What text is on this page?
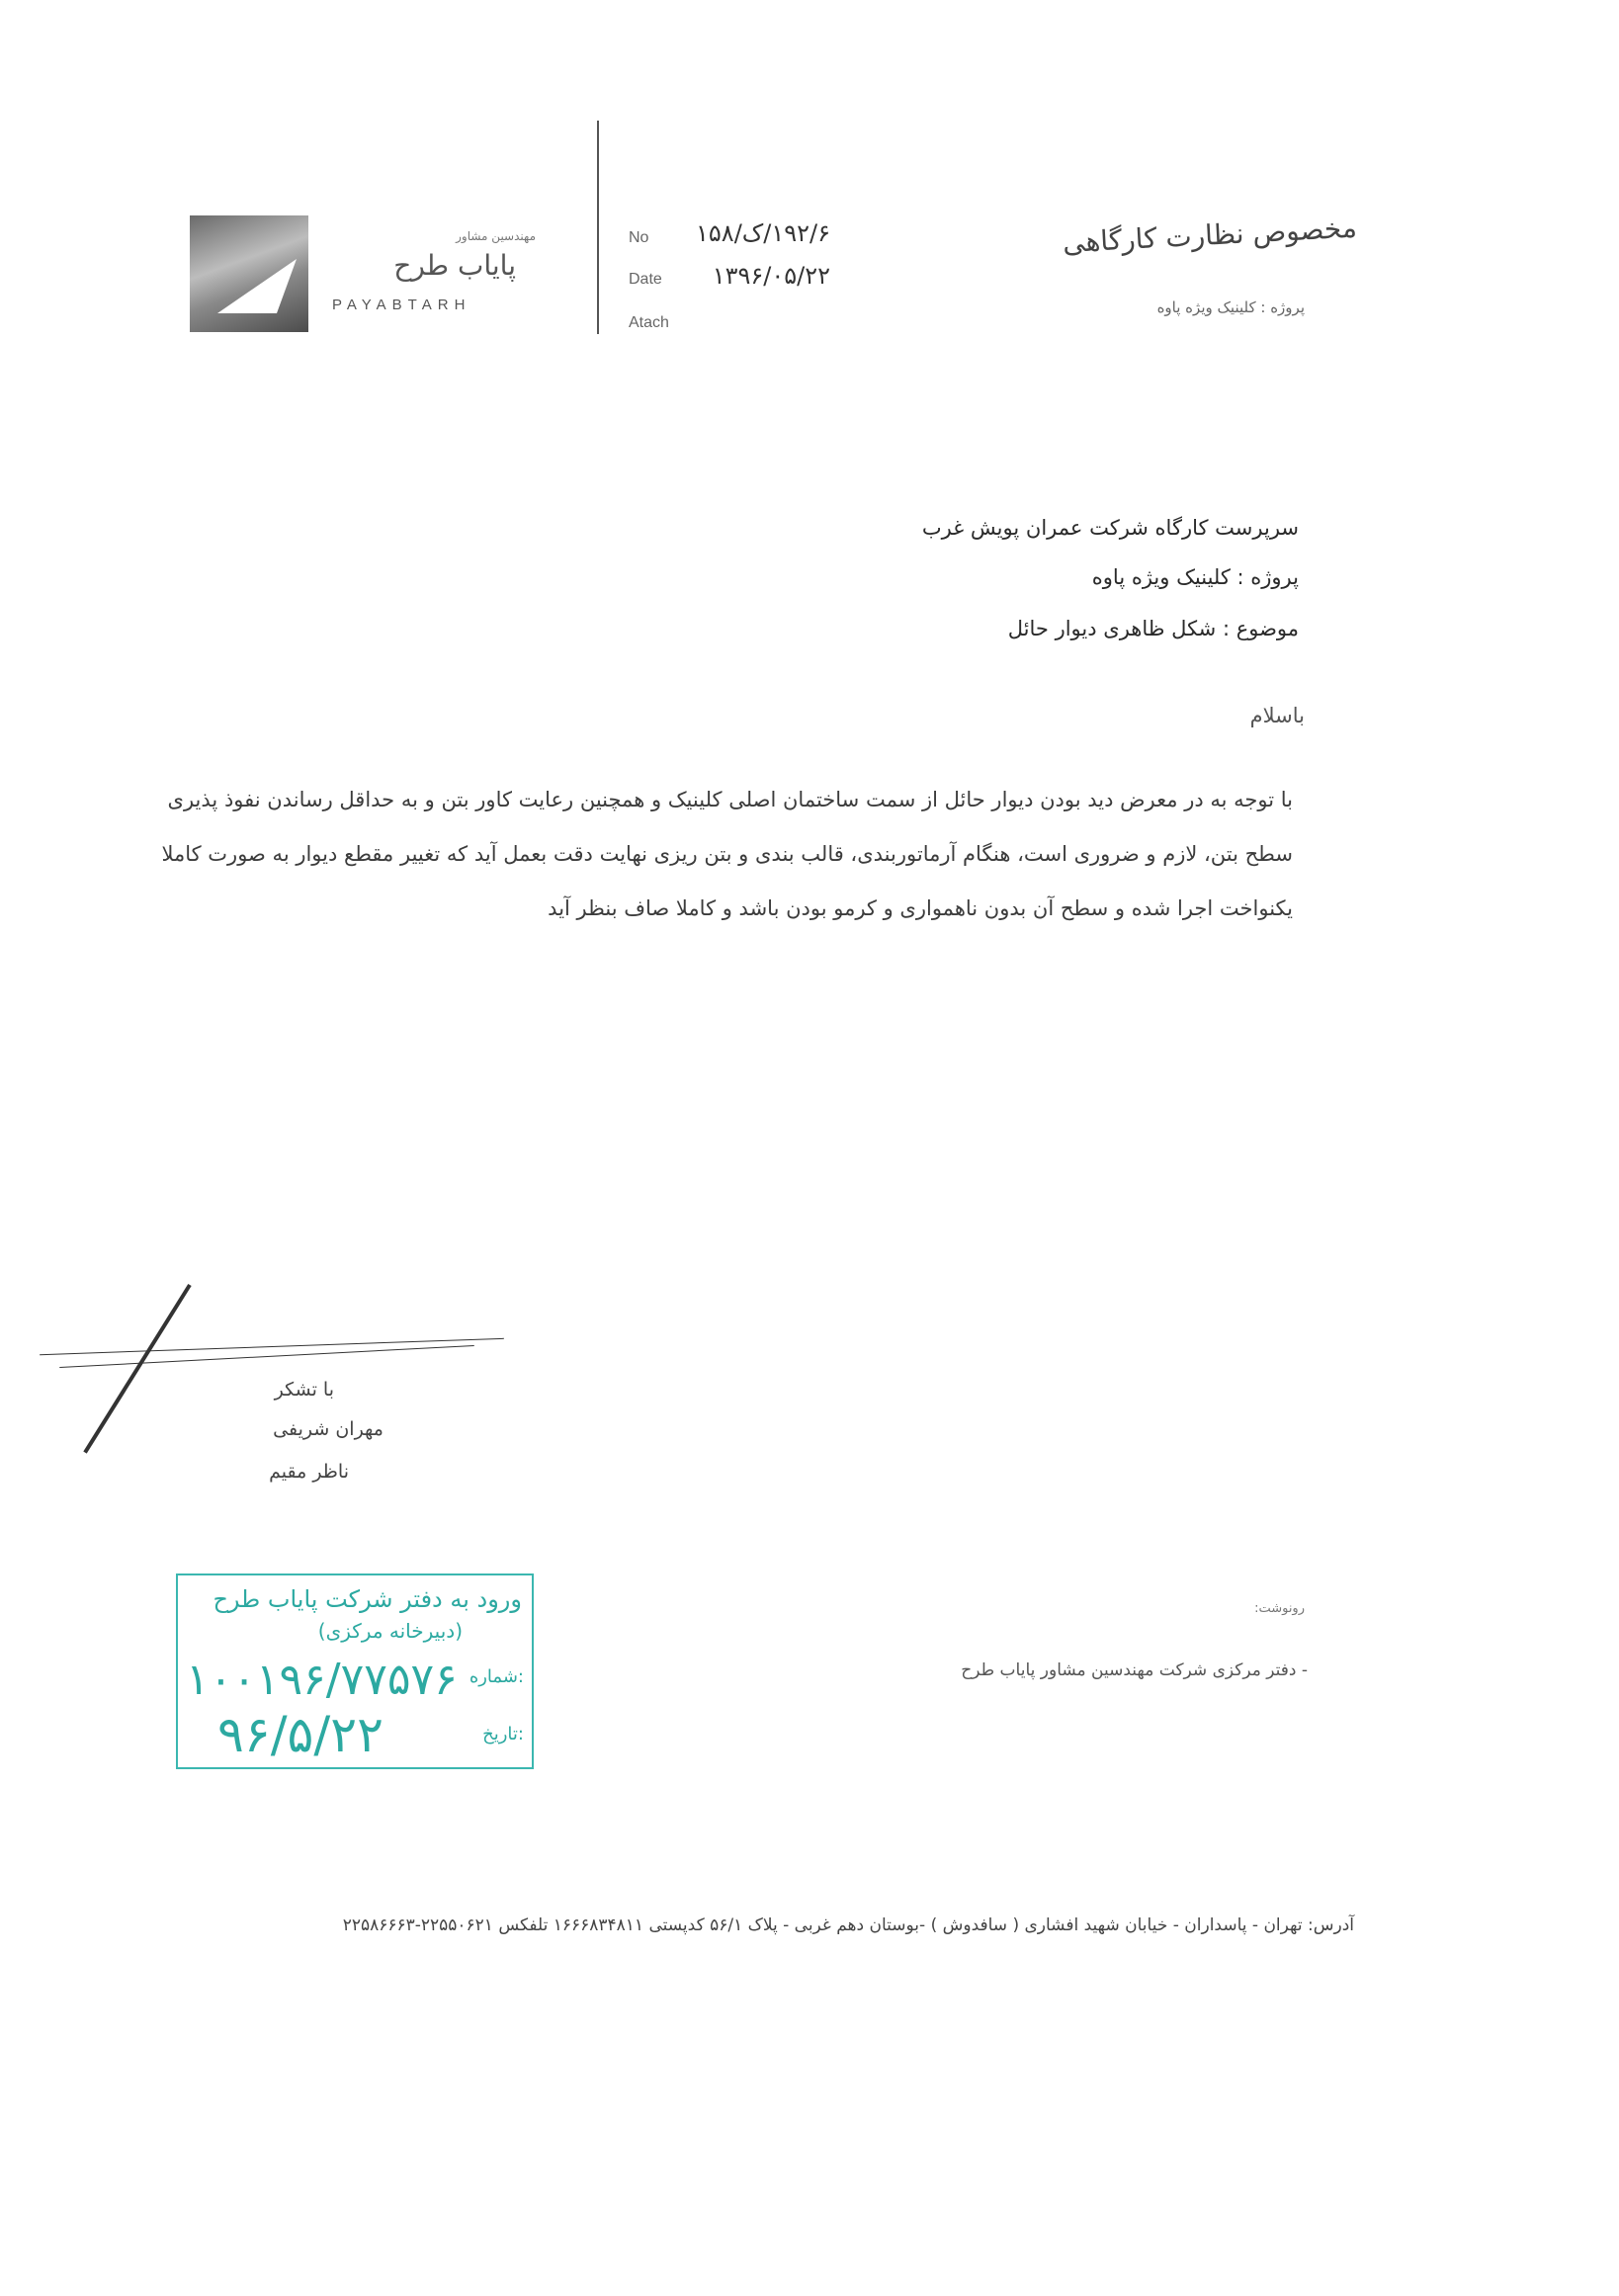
مهندسین مشاور
پایاب طرح
PAYABTARH
No	۱۹۲/۶/ک/۱۵۸
Date	۱۳۹۶/۰۵/۲۲
Atach
مخصوص نظارت کارگاهی
پروژه : کلینیک ویژه پاوه
سرپرست کارگاه شرکت عمران پویش غرب
پروژه : کلینیک ویژه پاوه
موضوع : شکل ظاهری دیوار حائل
باسلام
با توجه به در معرض دید بودن دیوار حائل از سمت ساختمان اصلی کلینیک و همچنین رعایت کاور بتن و به حداقل رساندن نفوذ پذیری سطح بتن، لازم و ضروری است، هنگام آرماتوربندی، قالب بندی و بتن ریزی نهایت دقت بعمل آید که تغییر مقطع دیوار به صورت کاملا یکنواخت اجرا شده و سطح آن بدون ناهمواری و کرمو بودن باشد و کاملا صاف بنظر آید
با تشکر
مهران شریفی
ناظر مقیم
ورود به دفتر شرکت پایاب طرح
(دبیرخانه مرکزی)
۱۰۰۱۹۶/۷۷۵۷۶ شماره:
۹۶/۵/۲۲	تاریخ:
رونوشت:
- دفتر مرکزی شرکت مهندسین مشاور پایاب طرح
آدرس: تهران - پاسداران - خیابان شهید افشاری ( سافدوش ) -بوستان دهم غربی - پلاک ۵۶/۱ کدپستی ۱۶۶۶۸۳۴۸۱۱ تلفکس ۲۲۵۵۰۶۲۱-۲۲۵۸۶۶۶۳
